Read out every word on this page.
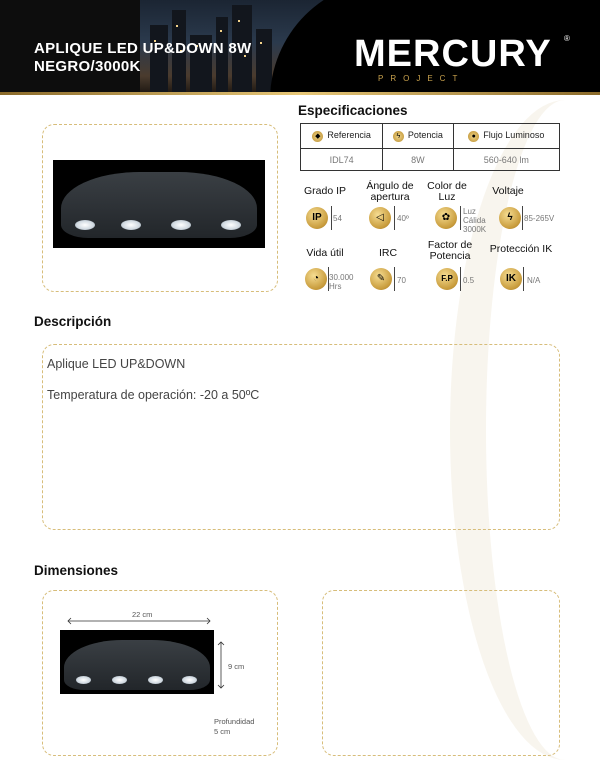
APLIQUE LED UP&DOWN 8W
NEGRO/3000K	MERCURY
PROJECT
®
Especificaciones
◆ Referencia	ϟ Potencia	● Flujo Luminoso
IDL74	8W	560-640 lm
Grado IP
IP	54
Ángulo de apertura
◁	40º
Color de Luz
✿
Luz Cálida 3000K
Voltaje
ϟ	85-265V
Vida útil
◔	30.000 Hrs
IRC
✎	70
Factor de Potencia
F.P	0.5
Protección IK
IK	N/A
Descripción
Aplique LED UP&DOWN
Temperatura de operación: -20 a 50ºC
Dimensiones
22 cm
9 cm
Profundidad
5 cm
